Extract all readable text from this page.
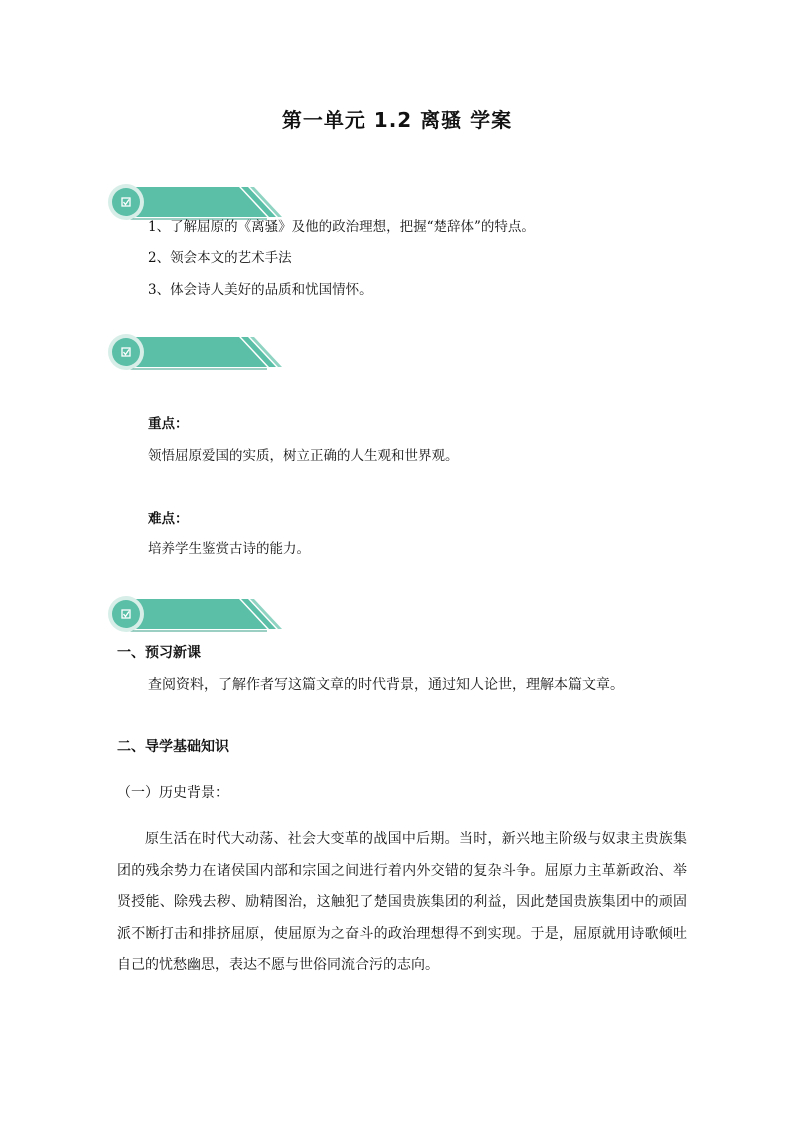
第一单元 1.2 离骚 学案
1、了解屈原的《离骚》及他的政治理想，把握“楚辞体”的特点。
2、领会本文的艺术手法
3、体会诗人美好的品质和忧国情怀。
重点：
领悟屈原爱国的实质，树立正确的人生观和世界观。
难点：
培养学生鉴赏古诗的能力。
一、预习新课
查阅资料，了解作者写这篇文章的时代背景，通过知人论世，理解本篇文章。
二、导学基础知识
（一）历史背景：
原生活在时代大动荡、社会大变革的战国中后期。当时，新兴地主阶级与奴隶主贵族集团的残余势力在诸侯国内部和宗国之间进行着内外交错的复杂斗争。屈原力主革新政治、举贤授能、除残去秽、励精图治，这触犯了楚国贵族集团的利益，因此楚国贵族集团中的顽固派不断打击和排挤屈原，使屈原为之奋斗的政治理想得不到实现。于是，屈原就用诗歌倾吐自己的忧愁幽思，表达不愿与世俗同流合污的志向。
